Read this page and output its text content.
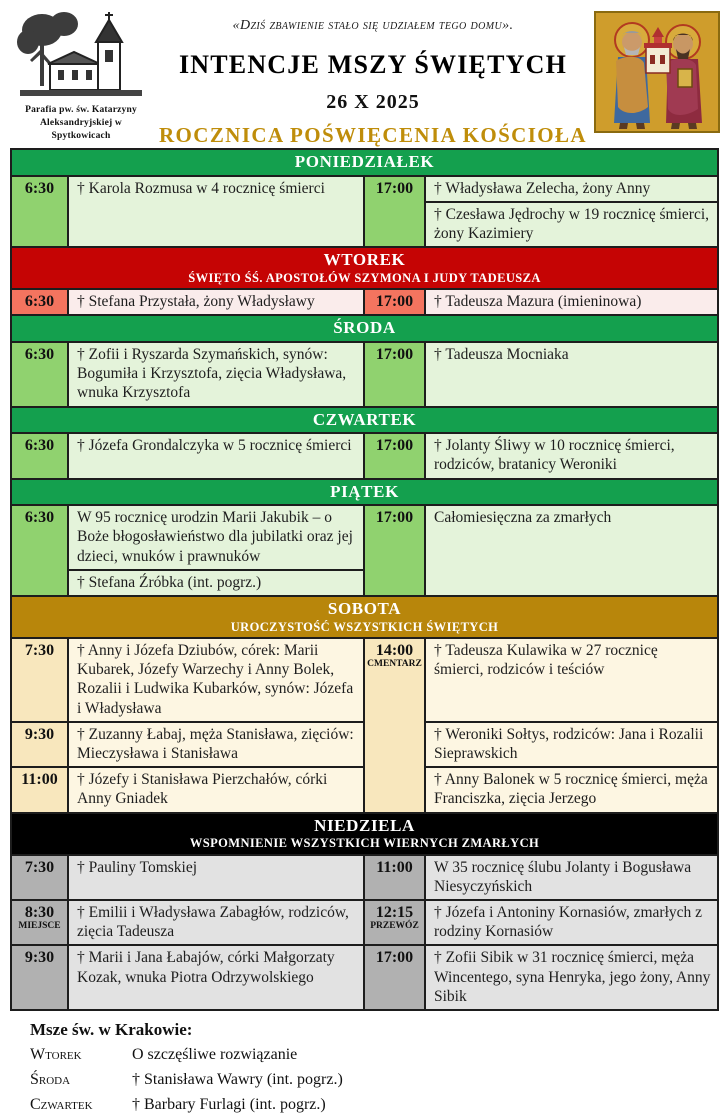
Parafia pw. św. Katarzyny
Aleksandryjskiej w Spytkowicach
«Dziś zbawienie stało się udziałem tego domu».
INTENCJE MSZY ŚWIĘTYCH
26 X 2025
ROCZNICA POŚWIĘCENIA KOŚCIOŁA
PONIEDZIAŁEK			

6:30	† Karola Rozmusa w 4 rocznicę śmierci	17:00	† Władysława Zelecha, żony Anny
			† Czesława Jędrochy w 19 rocznicę śmierci, żony Kazimiery

WTOREK
ŚWIĘTO ŚŚ. APOSTOŁÓW SZYMONA I JUDY TADEUSZA			

6:30	† Stefana Przystała, żony Władysławy	17:00	† Tadeusza Mazura (imieninowa)

ŚRODA			

6:30	† Zofii i Ryszarda Szymańskich, synów: Bogumiła i Krzysztofa, zięcia Władysława, wnuka Krzysztofa	17:00	† Tadeusza Mocniaka

CZWARTEK			

6:30	† Józefa Grondalczyka w 5 rocznicę śmierci	17:00	† Jolanty Śliwy w 10 rocznicę śmierci, rodziców, bratanicy Weroniki

PIĄTEK			

6:30	W 95 rocznicę urodzin Marii Jakubik – o Boże błogosławieństwo dla jubilatki oraz jej dzieci, wnuków i prawnuków	17:00	Całomiesięczna za zmarłych
	† Stefana Źróbka (int. pogrz.)		

SOBOTA
UROCZYSTOŚĆ WSZYSTKICH ŚWIĘTYCH			

7:30	† Anny i Józefa Dziubów, córek: Marii Kubarek, Józefy Warzechy i Anny Bolek, Rozalii i Ludwika Kubarków, synów: Józefa i Władysława	14:00
CMENTARZ	† Tadeusza Kulawika w 27 rocznicę śmierci, rodziców i teściów
9:30	† Zuzanny Łabaj, męża Stanisława, zięciów: Mieczysława i Stanisława		† Weroniki Sołtys, rodziców: Jana i Rozalii Sieprawskich
11:00	† Józefy i Stanisława Pierzchałów, córki Anny Gniadek		† Anny Balonek w 5 rocznicę śmierci, męża Franciszka, zięcia Jerzego

NIEDZIELA
WSPOMNIENIE WSZYSTKICH WIERNYCH ZMARŁYCH			

7:30	† Pauliny Tomskiej	11:00	W 35 rocznicę ślubu Jolanty i Bogusława Niesyczyńskich
8:30
MIEJSCE	† Emilii i Władysława Zabagłów, rodziców, zięcia Tadeusza	12:15
PRZEWÓZ	† Józefa i Antoniny Kornasiów, zmarłych z rodziny Kornasiów
9:30	† Marii i Jana Łabajów, córki Małgorzaty Kozak, wnuka Piotra Odrzywolskiego	17:00	† Zofii Sibik w 31 rocznicę śmierci, męża Wincentego, syna Henryka, jego żony, Anny Sibik
Msze św. w Krakowie:
Wtorek	O szczęśliwe rozwiązanie
Środa	† Stanisława Wawry (int. pogrz.)
Czwartek	† Barbary Furlagi (int. pogrz.)
